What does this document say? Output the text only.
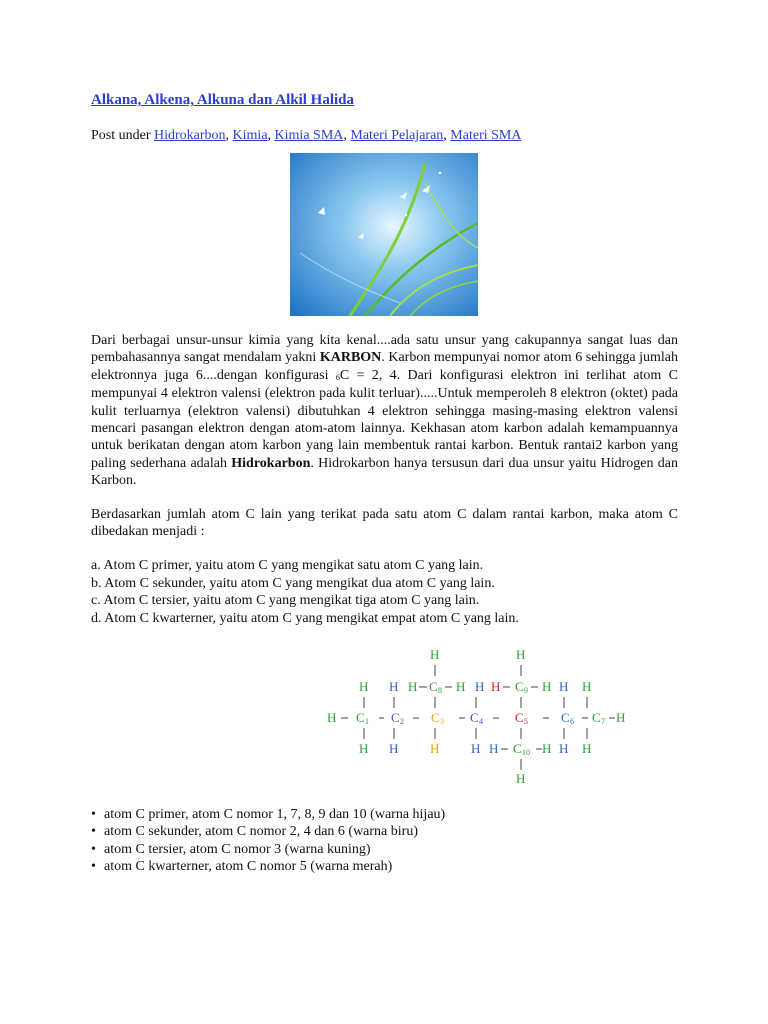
Alkana, Alkena, Alkuna dan Alkil Halida
Post under Hidrokarbon, Kimia, Kimia SMA, Materi Pelajaran, Materi SMA
Dari berbagai unsur-unsur kimia yang kita kenal....ada satu unsur yang cakupannya sangat luas dan pembahasannya sangat mendalam yakni KARBON. Karbon mempunyai nomor atom 6 sehingga jumlah elektronnya juga 6....dengan konfigurasi $_6$C = 2, 4. Dari konfigurasi elektron ini terlihat atom C mempunyai 4 elektron valensi (elektron pada kulit terluar).....Untuk memperoleh 8 elektron (oktet) pada kulit terluarnya (elektron valensi) dibutuhkan 4 elektron sehingga masing-masing elektron valensi mencari pasangan elektron dengan atom-atom lainnya. Kekhasan atom karbon adalah kemampuannya untuk berikatan dengan atom karbon yang lain membentuk rantai karbon. Bentuk rantai2 karbon yang paling sederhana adalah Hidrokarbon. Hidrokarbon hanya tersusun dari dua unsur yaitu Hidrogen dan Karbon.
Berdasarkan jumlah atom C lain yang terikat pada satu atom C dalam rantai karbon, maka atom C dibedakan menjadi :
a. Atom C primer, yaitu atom C yang mengikat satu atom C yang lain.
b. Atom C sekunder, yaitu atom C yang mengikat dua atom C yang lain.
c. Atom C tersier, yaitu atom C yang mengikat tiga atom C yang lain.
d. Atom C kwarterner, yaitu atom C yang mengikat empat atom C yang lain.
H	H
H H H C 8 H H H C 9 H H H
H C 1 C 2 C 3 C 4 C 5	C 6 C 7 H
H H H H H C 10 H H H
H
• atom C primer, atom C nomor 1, 7, 8, 9 dan 10 (warna hijau)
• atom C sekunder, atom C nomor 2, 4 dan 6 (warna biru)
• atom C tersier, atom C nomor 3 (warna kuning)
• atom C kwarterner, atom C nomor 5 (warna merah)
